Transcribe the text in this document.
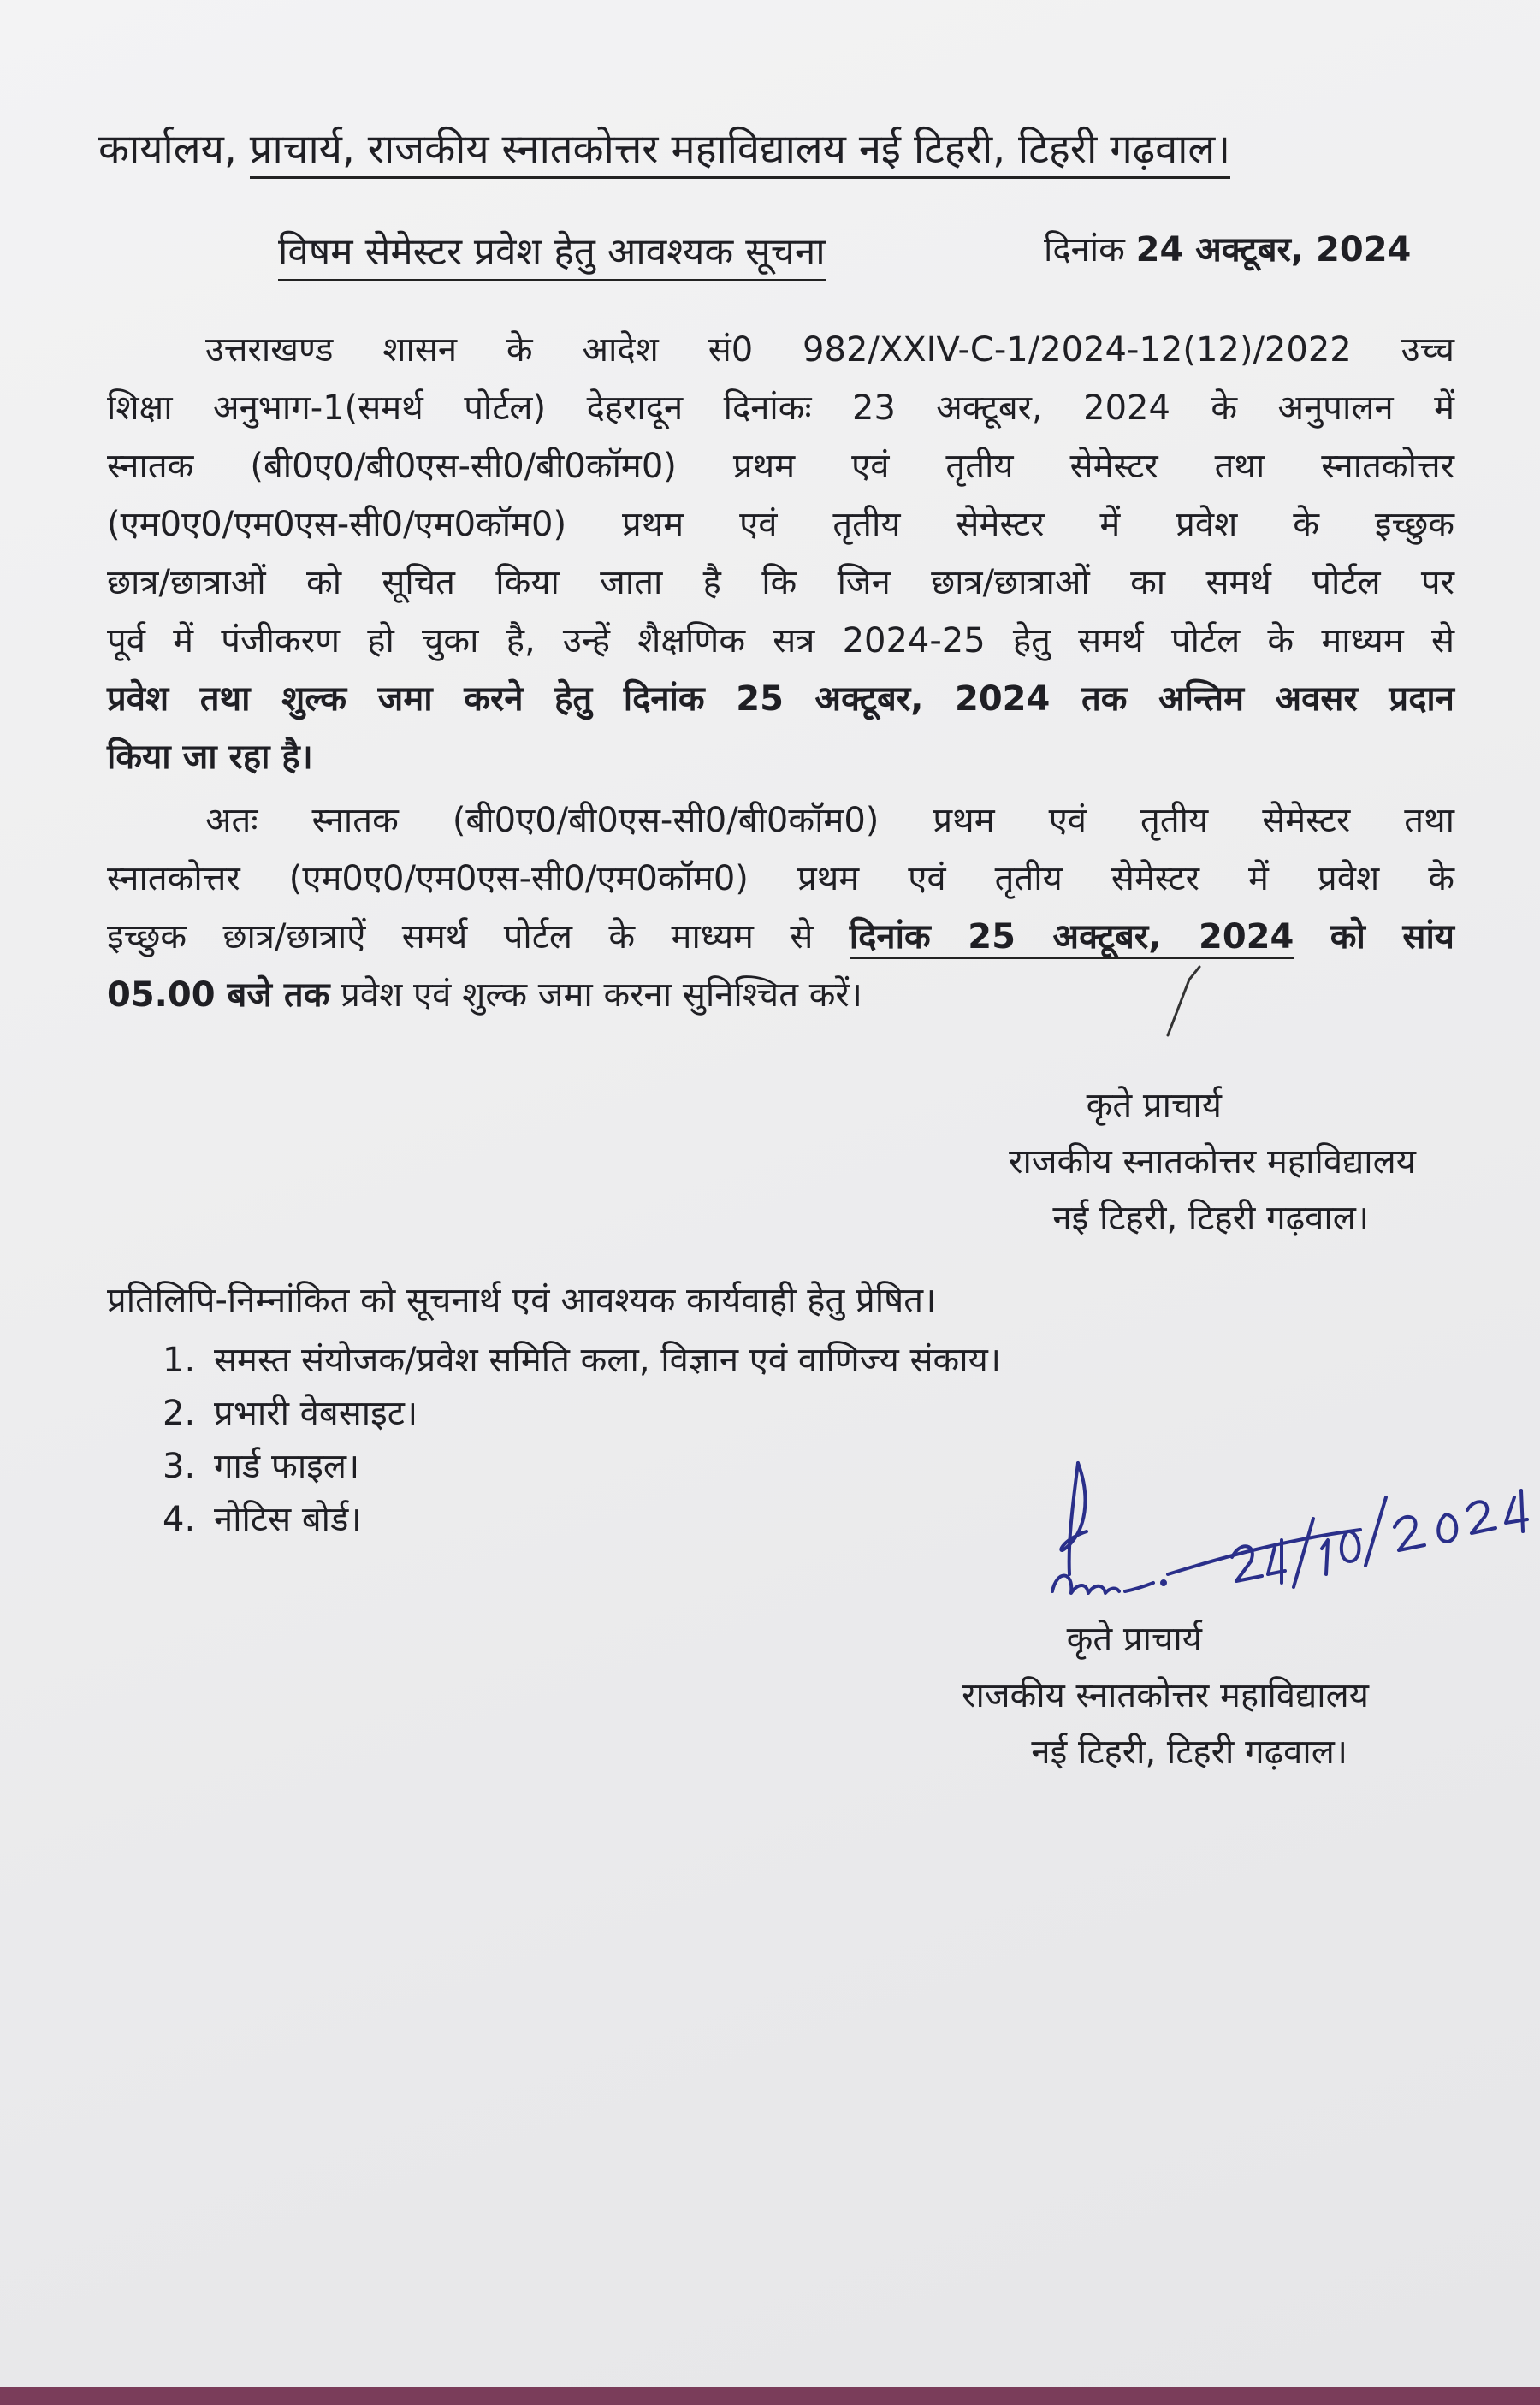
कार्यालय, प्राचार्य, राजकीय स्नातकोत्तर महाविद्यालय नई टिहरी, टिहरी गढ़वाल।
विषम सेमेस्टर प्रवेश हेतु आवश्यक सूचना	दिनांक 24 अक्टूबर, 2024
उत्तराखण्ड शासन के आदेश सं0 982/XXIV-C-1/2024-12(12)/2022 उच्च
शिक्षा अनुभाग-1(समर्थ पोर्टल) देहरादून दिनांकः 23 अक्टूबर, 2024 के अनुपालन में
स्नातक (बी0ए0/बी0एस-सी0/बी0कॉम0) प्रथम एवं तृतीय सेमेस्टर तथा स्नातकोत्तर
(एम0ए0/एम0एस-सी0/एम0कॉम0) प्रथम एवं तृतीय सेमेस्टर में प्रवेश के इच्छुक
छात्र/छात्राओं को सूचित किया जाता है कि जिन छात्र/छात्राओं का समर्थ पोर्टल पर
पूर्व में पंजीकरण हो चुका है, उन्हें शैक्षणिक सत्र 2024-25 हेतु समर्थ पोर्टल के माध्यम से
प्रवेश तथा शुल्क जमा करने हेतु दिनांक 25 अक्टूबर, 2024 तक अन्तिम अवसर प्रदान
किया जा रहा है।
अतः स्नातक (बी0ए0/बी0एस-सी0/बी0कॉम0) प्रथम एवं तृतीय सेमेस्टर तथा
स्नातकोत्तर (एम0ए0/एम0एस-सी0/एम0कॉम0) प्रथम एवं तृतीय सेमेस्टर में प्रवेश के
इच्छुक छात्र/छात्राऐं समर्थ पोर्टल के माध्यम से दिनांक 25 अक्टूबर, 2024 को सांय
05.00 बजे तक प्रवेश एवं शुल्क जमा करना सुनिश्चित करें।
कृते प्राचार्य
राजकीय स्नातकोत्तर महाविद्यालय
नई टिहरी, टिहरी गढ़वाल।
प्रतिलिपि-निम्नांकित को सूचनार्थ एवं आवश्यक कार्यवाही हेतु प्रेषित।
1. समस्त संयोजक/प्रवेश समिति कला, विज्ञान एवं वाणिज्य संकाय।
2. प्रभारी वेबसाइट।
3. गार्ड फाइल।
4. नोटिस बोर्ड।
कृते प्राचार्य
राजकीय स्नातकोत्तर महाविद्यालय
नई टिहरी, टिहरी गढ़वाल।
